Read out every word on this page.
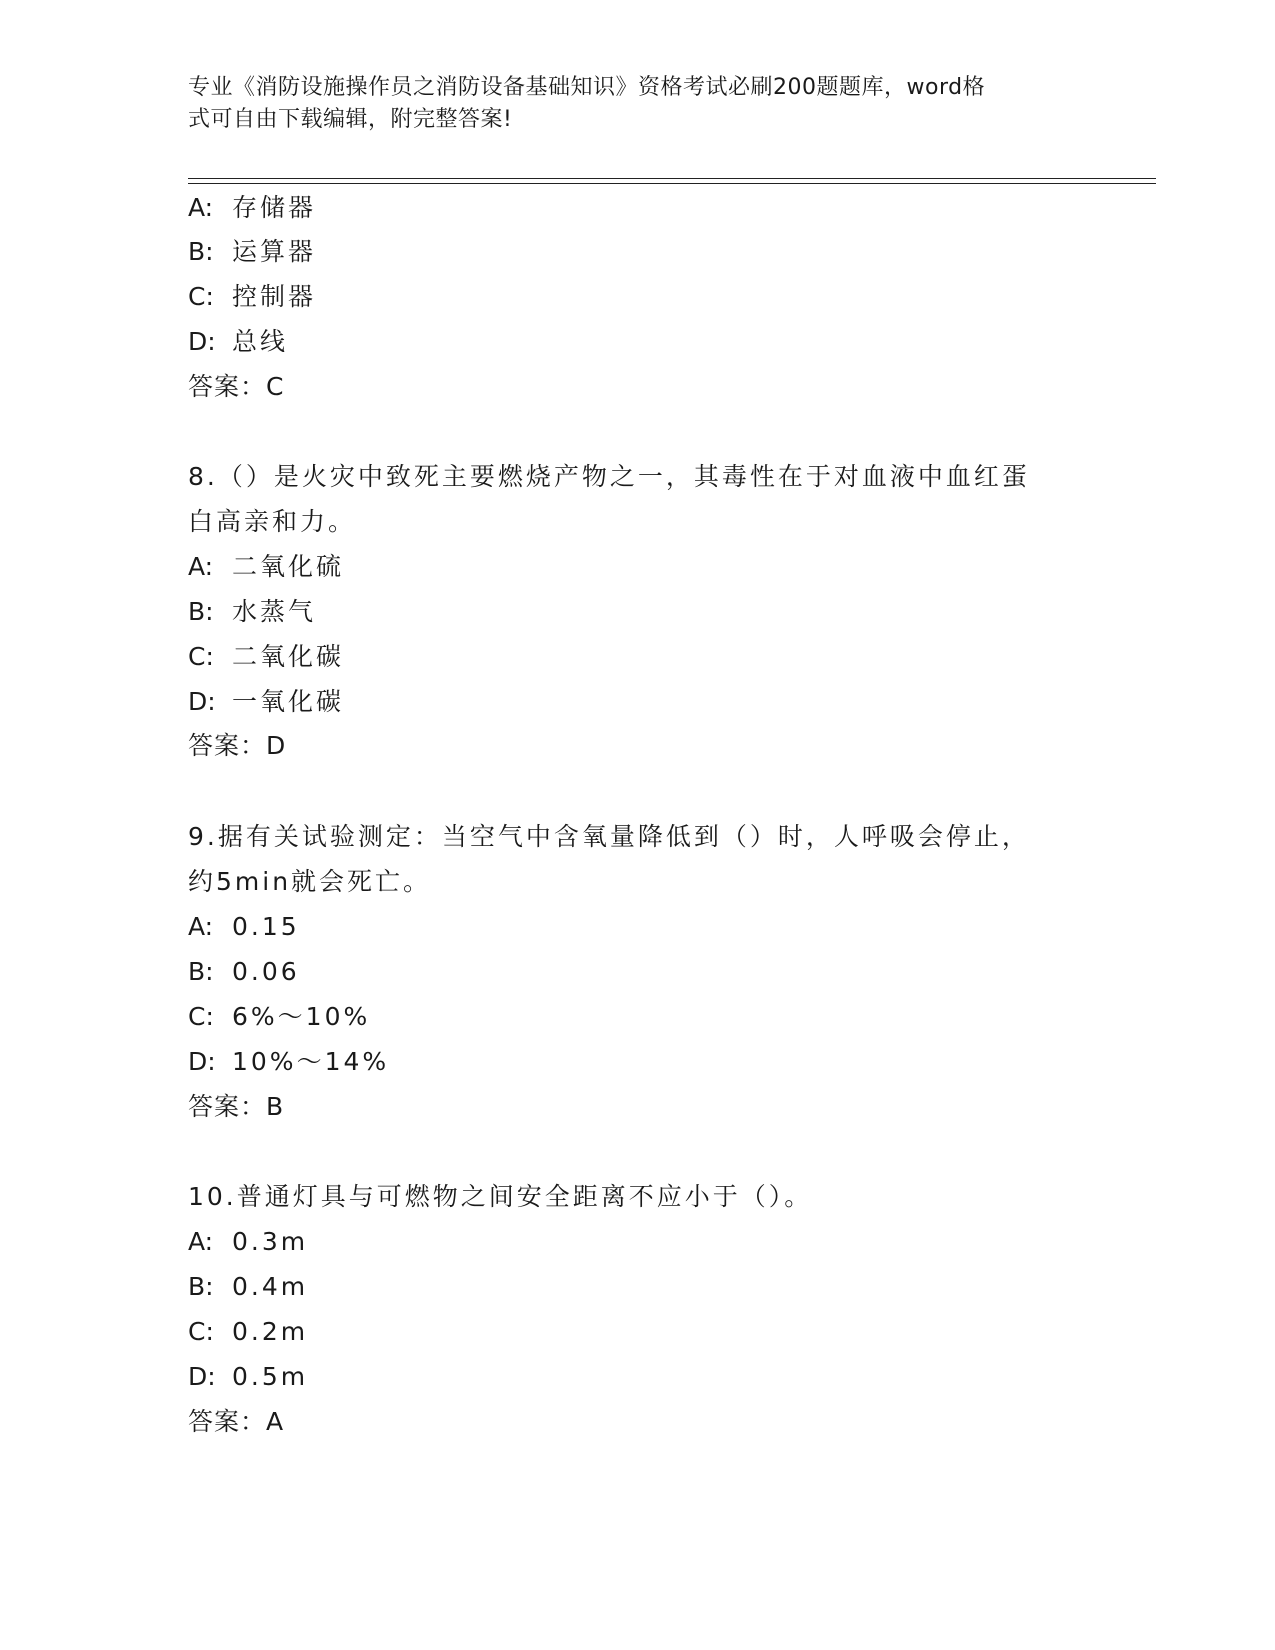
专业《消防设施操作员之消防设备基础知识》资格考试必刷200题题库，word格
式可自由下载编辑，附完整答案!
A: 存储器
B: 运算器
C: 控制器
D: 总线
答案：C
8.（）是火灾中致死主要燃烧产物之一，其毒性在于对血液中血红蛋
白高亲和力。
A: 二氧化硫
B: 水蒸气
C: 二氧化碳
D: 一氧化碳
答案：D
9.据有关试验测定：当空气中含氧量降低到（）时，人呼吸会停止，
约5min就会死亡。
A: 0.15
B: 0.06
C: 6%～10%
D: 10%～14%
答案：B
10.普通灯具与可燃物之间安全距离不应小于（）。
A: 0.3m
B: 0.4m
C: 0.2m
D: 0.5m
答案：A
